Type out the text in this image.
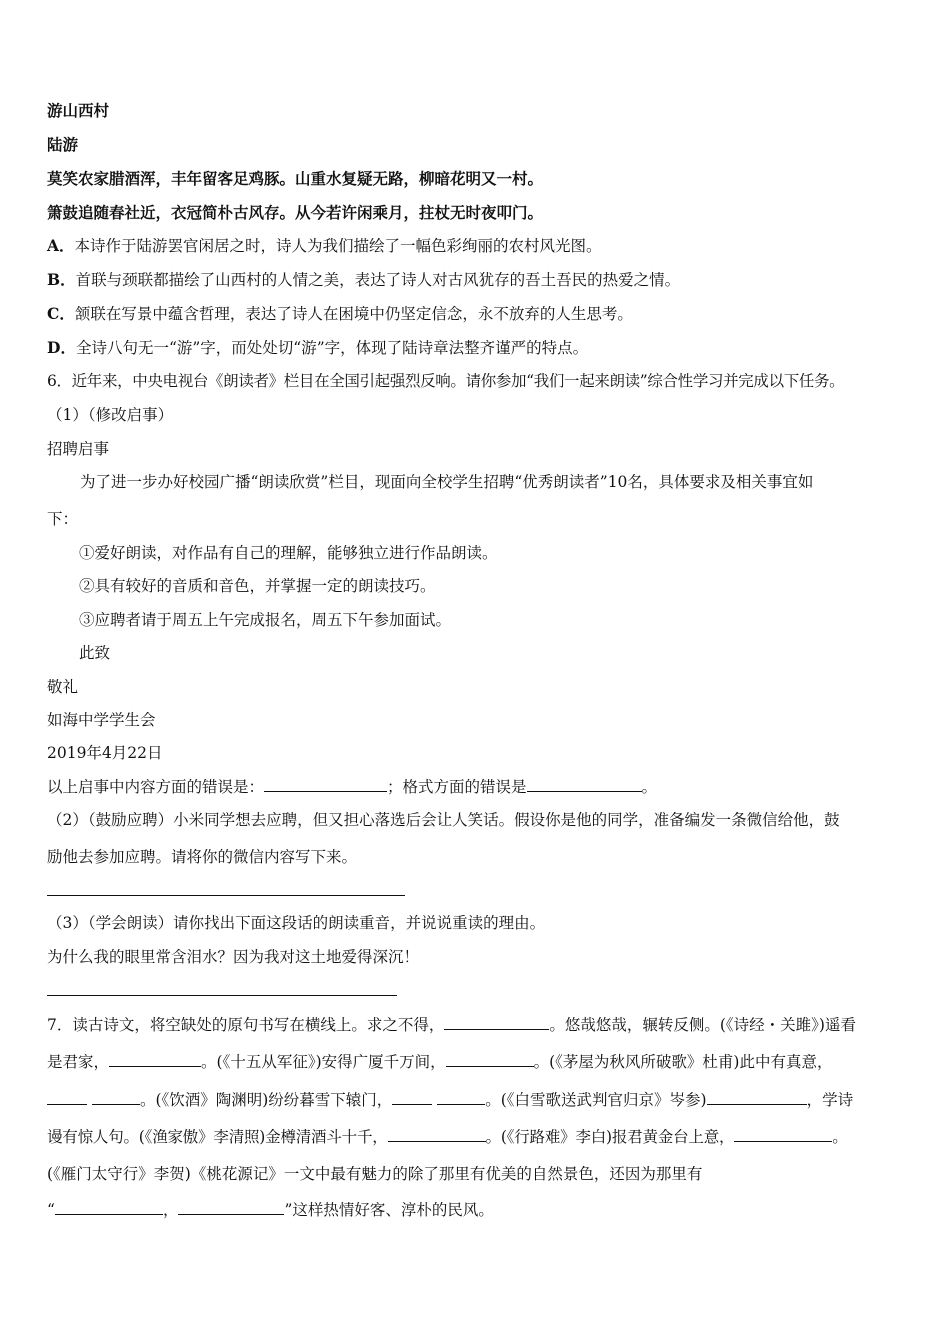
游山西村
陆游
莫笑农家腊酒浑，丰年留客足鸡豚。山重水复疑无路，柳暗花明又一村。
箫鼓追随春社近，衣冠简朴古风存。从今若许闲乘月，拄杖无时夜叩门。
A．本诗作于陆游罢官闲居之时，诗人为我们描绘了一幅色彩绚丽的农村风光图。
B．首联与颈联都描绘了山西村的人情之美，表达了诗人对古风犹存的吾土吾民的热爱之情。
C．颔联在写景中蕴含哲理，表达了诗人在困境中仍坚定信念，永不放弃的人生思考。
D．全诗八句无一“游”字，而处处切“游”字，体现了陆诗章法整齐谨严的特点。
6．近年来，中央电视台《朗读者》栏目在全国引起强烈反响。请你参加“我们一起来朗读”综合性学习并完成以下任务。
（1）（修改启事）
招聘启事
为了进一步办好校园广播“朗读欣赏”栏目，现面向全校学生招聘“优秀朗读者”10名，具体要求及相关事宜如
下：
①爱好朗读，对作品有自己的理解，能够独立进行作品朗读。
②具有较好的音质和音色，并掌握一定的朗读技巧。
③应聘者请于周五上午完成报名，周五下午参加面试。
此致
敬礼
如海中学学生会
2019年4月22日
以上启事中内容方面的错误是：	；格式方面的错误是	。
（2）（鼓励应聘）小米同学想去应聘，但又担心落选后会让人笑话。假设你是他的同学，准备编发一条微信给他，鼓
励他去参加应聘。请将你的微信内容写下来。
（3）（学会朗读）请你找出下面这段话的朗读重音，并说说重读的理由。
为什么我的眼里常含泪水？因为我对这土地爱得深沉！
7．读古诗文，将空缺处的原句书写在横线上。求之不得，	。悠哉悠哉，辗转反侧。(《诗经・关雎》)遥看
是君家，	。(《十五从军征》)安得广厦千万间，	。(《茅屋为秋风所破歌》杜甫)此中有真意，
。(《饮酒》陶渊明)纷纷暮雪下辕门，	。(《白雪歌送武判官归京》岑参)	，学诗
谩有惊人句。(《渔家傲》李清照)金樽清酒斗十千，	。(《行路难》李白)报君黄金台上意，	。
(《雁门太守行》李贺)《桃花源记》一文中最有魅力的除了那里有优美的自然景色，还因为那里有
“	，	”这样热情好客、淳朴的民风。
